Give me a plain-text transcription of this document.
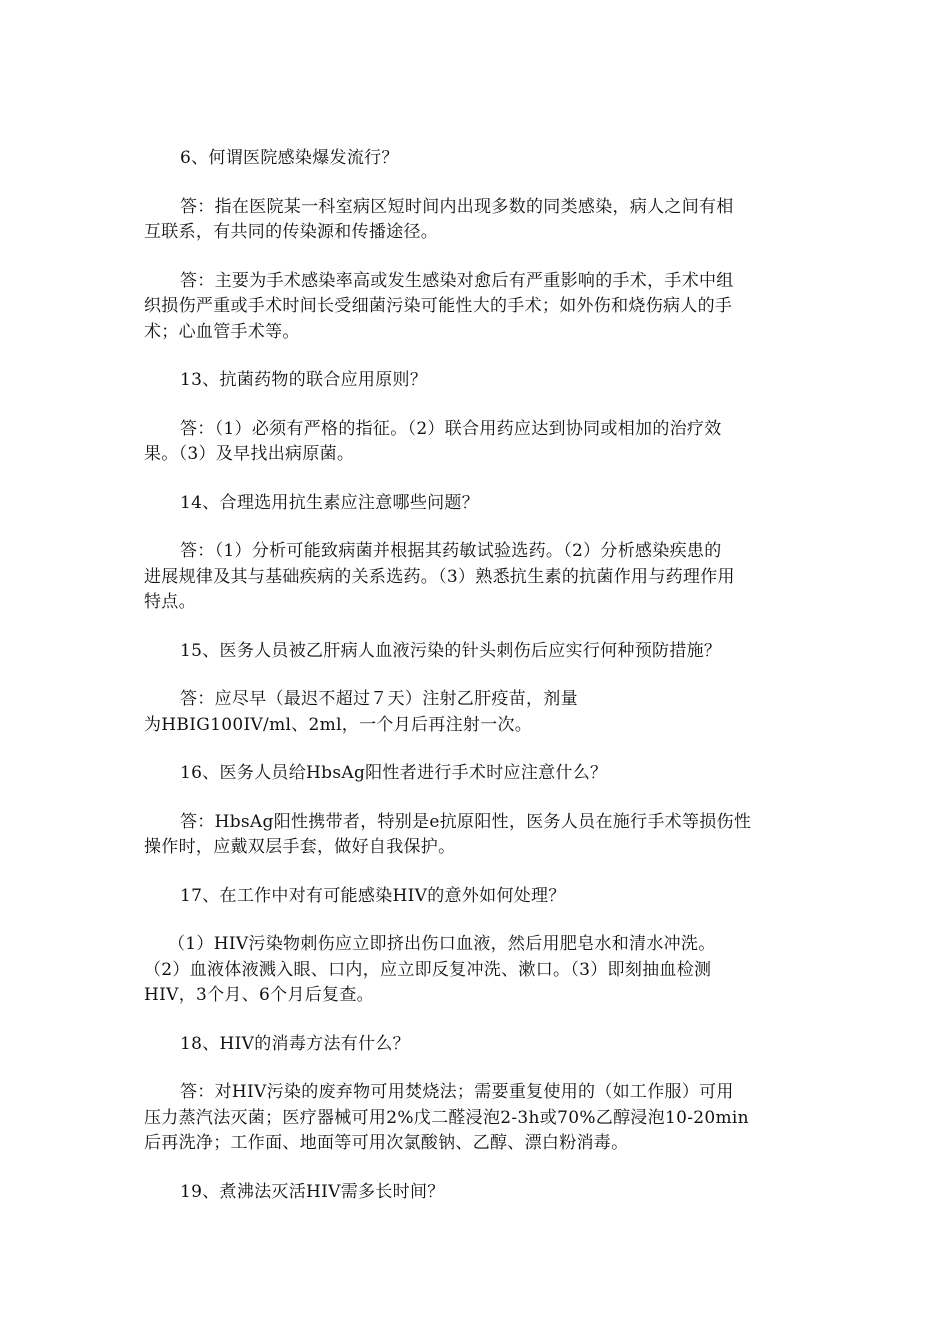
6、何谓医院感染爆发流行？

答：指在医院某一科室病区短时间内出现多数的同类感染，病人之间有相
互联系，有共同的传染源和传播途径。

答：主要为手术感染率高或发生感染对愈后有严重影响的手术，手术中组
织损伤严重或手术时间长受细菌污染可能性大的手术；如外伤和烧伤病人的手
术；心血管手术等。

13、抗菌药物的联合应用原则？

答：（1）必须有严格的指征。（2）联合用药应达到协同或相加的治疗效
果。（3）及早找出病原菌。

14、合理选用抗生素应注意哪些问题？

答：（1）分析可能致病菌并根据其药敏试验选药。（2）分析感染疾患的
进展规律及其与基础疾病的关系选药。（3）熟悉抗生素的抗菌作用与药理作用
特点。

15、医务人员被乙肝病人血液污染的针头刺伤后应实行何种预防措施？

答：应尽早（最迟不超过７天）注射乙肝疫苗，剂量
为HBIG100IV/ml、2ml，一个月后再注射一次。

16、医务人员给HbsAg阳性者进行手术时应注意什么？

答：HbsAg阳性携带者，特别是e抗原阳性，医务人员在施行手术等损伤性
操作时，应戴双层手套，做好自我保护。

17、在工作中对有可能感染HIV的意外如何处理？

（1）HIV污染物刺伤应立即挤出伤口血液，然后用肥皂水和清水冲洗。
（2）血液体液溅入眼、口内，应立即反复冲洗、漱口。（3）即刻抽血检测
HIV，3个月、6个月后复查。

18、HIV的消毒方法有什么？

答：对HIV污染的废弃物可用焚烧法；需要重复使用的（如工作服）可用
压力蒸汽法灭菌；医疗器械可用2%戊二醛浸泡2-3h或70%乙醇浸泡10-20min
后再洗净；工作面、地面等可用次氯酸钠、乙醇、漂白粉消毒。

19、煮沸法灭活HIV需多长时间？
